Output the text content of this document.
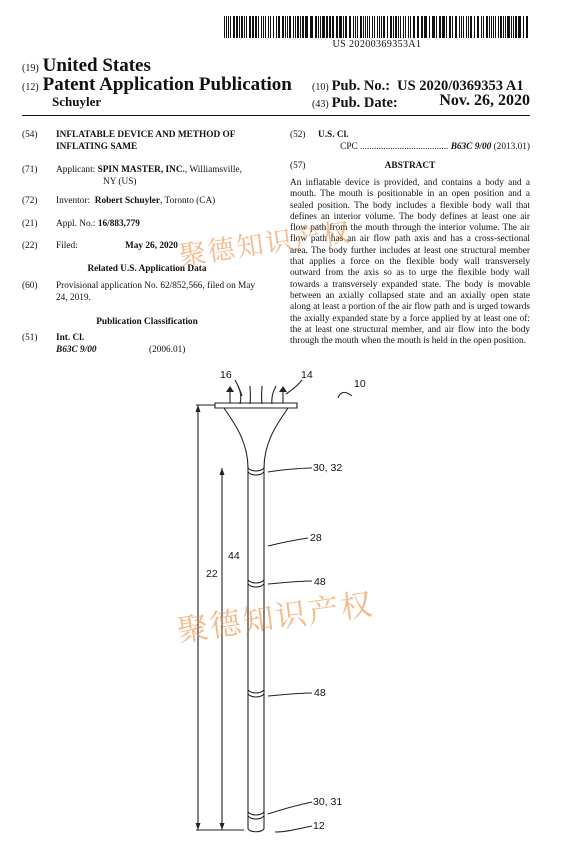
US 20200369353A1
(19) United States
(12) Patent Application Publication
Schuyler
(10) Pub. No.: US 2020/0369353 A1
(43) Pub. Date:	Nov. 26, 2020
(54)	INFLATABLE DEVICE AND METHOD OF
INFLATING SAME
(71)	Applicant: SPIN MASTER, INC., Williamsville,
NY (US)
(72)	Inventor: Robert Schuyler, Toronto (CA)
(21)	Appl. No.: 16/883,779
(22)	Filed:	May 26, 2020
Related U.S. Application Data
(60)	Provisional application No. 62/852,566, filed on May
24, 2019.
Publication Classification
(51)	Int. Cl.
B63C 9/00	(2006.01)
(52)	U.S. Cl.
CPC ...................................... B63C 9/00 (2013.01)
(57)	ABSTRACT
An inflatable device is provided, and contains a body and a mouth. The mouth is positionable in an open position and a sealed position. The body includes a flexible body wall that defines an interior volume. The body defines at least one air flow path from the mouth through the interior volume. The air flow path has an air flow path axis and has a cross-sectional area. The body further includes at least one structural member that applies a force on the flexible body wall transversely outward from the axis so as to urge the flexible body wall towards a transversely expanded state. The body is movable between an axially collapsed state and an axially open state along at least a portion of the air flow path and is urged towards the axially expanded state by a force applied by at least one of: the at least one structural member, and air flow into the body through the mouth when the mouth is held in the open position.
16	14
10
30, 32
28
44
22
48
48
30, 31
12
聚德知识产权
聚德知识产权
